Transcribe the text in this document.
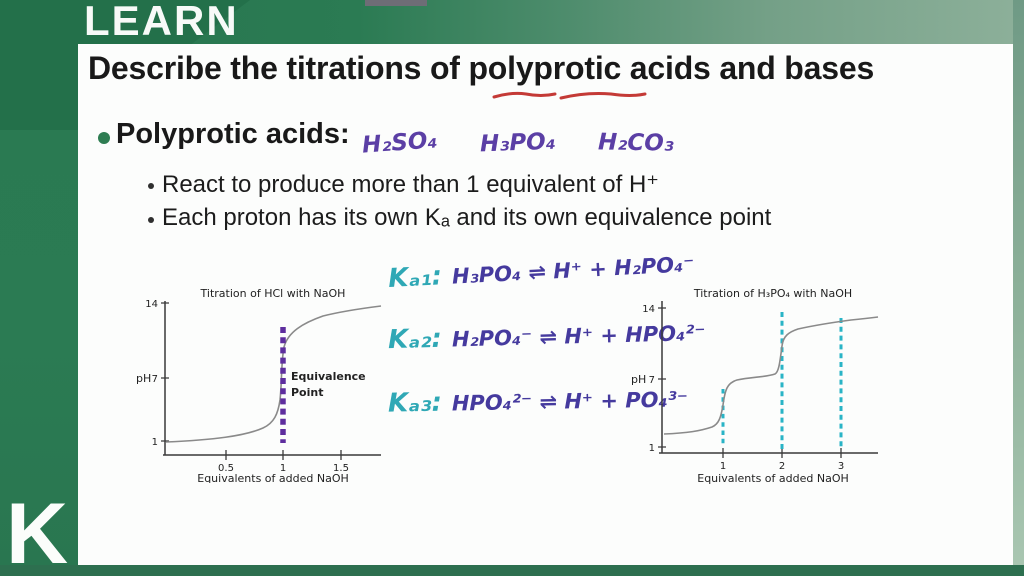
LEARN
K
Describe the titrations of polyprotic acids and bases
Polyprotic acids: H₂SO₄ H₃PO₄ H₂CO₃
React to produce more than 1 equivalent of H⁺
Each proton has its own Kₐ and its own equivalence point
Kₐ₁: H₃PO₄ ⇌ H⁺ + H₂PO₄⁻
Kₐ₂: H₂PO₄⁻ ⇌ H⁺ + HPO₄²⁻
Kₐ₃: HPO₄²⁻ ⇌ H⁺ + PO₄³⁻
Titration of HCl with NaOH
14
7
1
pH
0.5	1	1.5
Equivalents of added NaOH
Equivalence
Point
Titration of H₃PO₄ with NaOH
14
7
1
pH
1	2	3
Equivalents of added NaOH
